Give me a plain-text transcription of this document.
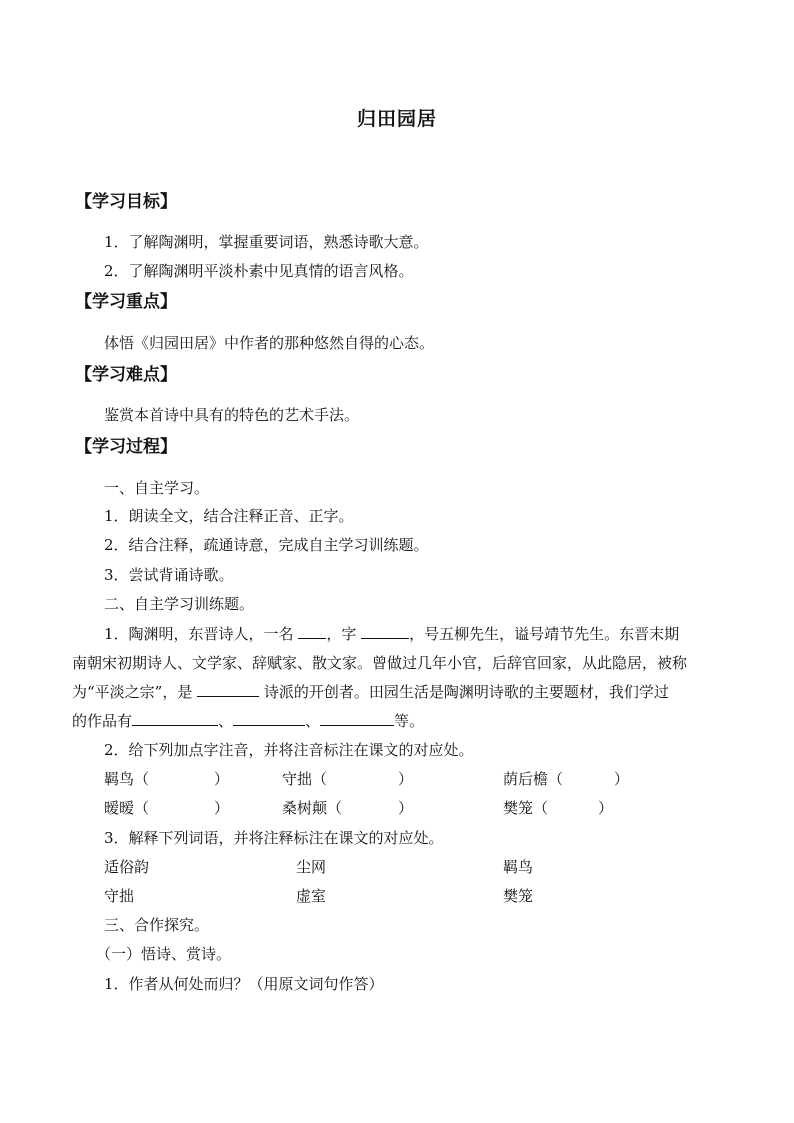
归田园居
【学习目标】
1．了解陶渊明，掌握重要词语，熟悉诗歌大意。
2．了解陶渊明平淡朴素中见真情的语言风格。
【学习重点】
体悟《归园田居》中作者的那种悠然自得的心态。
【学习难点】
鉴赏本首诗中具有的特色的艺术手法。
【学习过程】
一、自主学习。
1．朗读全文，结合注释正音、正字。
2．结合注释，疏通诗意，完成自主学习训练题。
3．尝试背诵诗歌。
二、自主学习训练题。
1．陶渊明，东晋诗人，一名 ，字	，号五柳先生，谥号靖节先生。东晋末期
南朝宋初期诗人、文学家、辞赋家、散文家。曾做过几年小官，后辞官回家，从此隐居，被称
为“平淡之宗”，是	诗派的开创者。田园生活是陶渊明诗歌的主要题材，我们学过
的作品有	、	、	等。
2．给下列加点字注音，并将注音标注在课文的对应处。
羁鸟（	）	守拙（	）	荫后檐（	）
暧暧（	）	桑树颠（	）	樊笼（	）
3．解释下列词语，并将注释标注在课文的对应处。
适俗韵	尘网	羁鸟
守拙	虚室	樊笼
三、合作探究。
（一）悟诗、赏诗。
1．作者从何处而归？（用原文词句作答）
